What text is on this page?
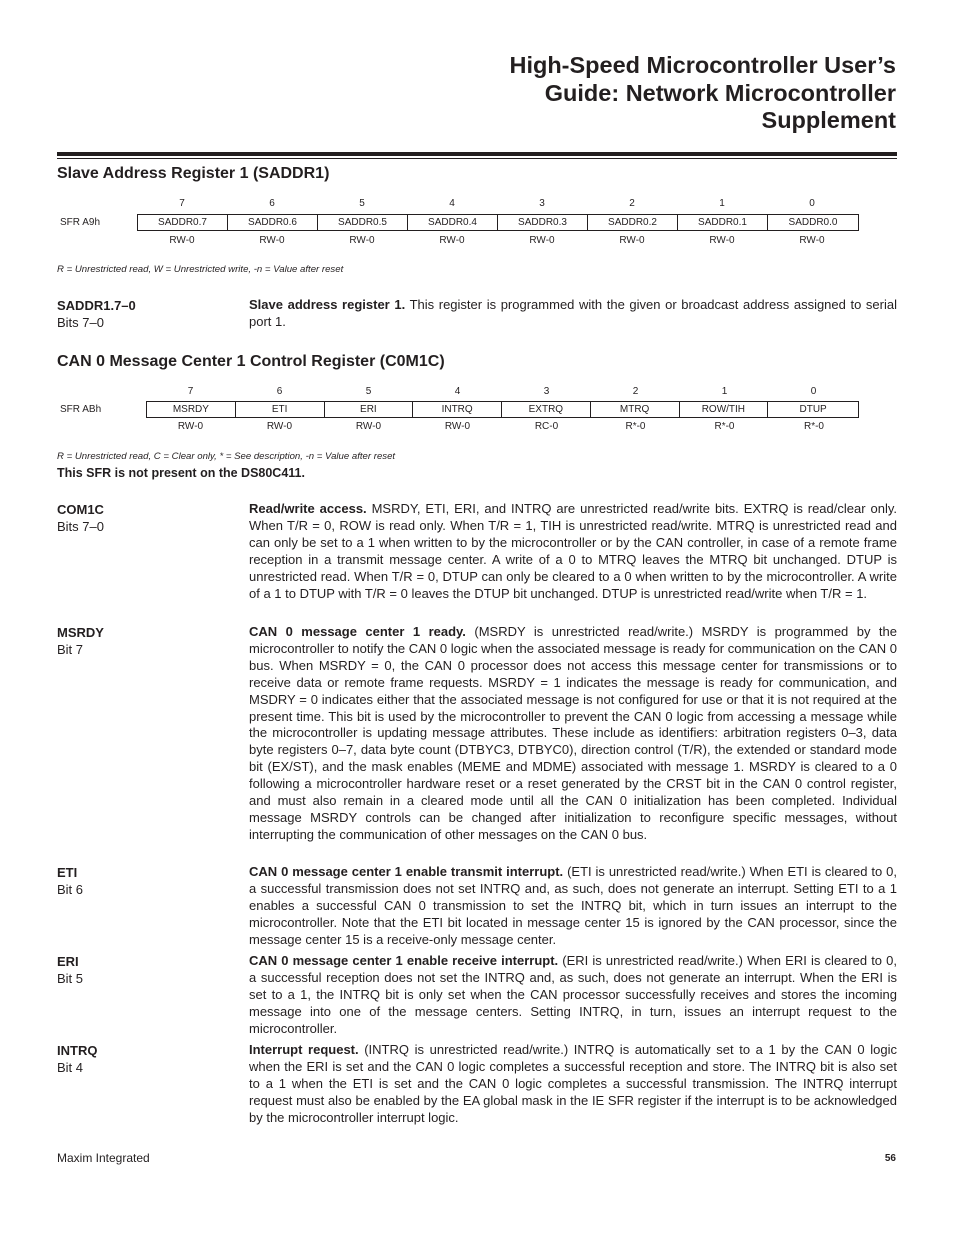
High-Speed Microcontroller User’s
Guide: Network Microcontroller
Supplement
Slave Address Register 1 (SADDR1)
7	6	5	4	3	2	1	0
SFR A9h	SADDR0.7	SADDR0.6	SADDR0.5	SADDR0.4	SADDR0.3	SADDR0.2	SADDR0.1	SADDR0.0
RW-0	RW-0	RW-0	RW-0	RW-0	RW-0	RW-0	RW-0
R = Unrestricted read, W = Unrestricted write, -n = Value after reset
SADDR1.7–0
Bits 7–0
Slave address register 1. This register is programmed with the given or broadcast address assigned to serial port 1.
CAN 0 Message Center 1 Control Register (C0M1C)
7	6	5	4	3	2	1	0
SFR ABh	MSRDY	ETI	ERI	INTRQ	EXTRQ	MTRQ	ROW/TIH	DTUP
RW-0	RW-0	RW-0	RW-0	RC-0	R*-0	R*-0	R*-0
R = Unrestricted read, C = Clear only, * = See description, -n = Value after reset
This SFR is not present on the DS80C411.
COM1C
Bits 7–0
Read/write access. MSRDY, ETI, ERI, and INTRQ are unrestricted read/write bits. EXTRQ is read/clear only. When T/R = 0, ROW is read only. When T/R = 1, TIH is unrestricted read/write. MTRQ is unrestricted read and can only be set to a 1 when written to by the microcontroller or by the CAN controller, in case of a remote frame reception in a transmit message center. A write of a 0 to MTRQ leaves the MTRQ bit unchanged. DTUP is unrestricted read. When T/R = 0, DTUP can only be cleared to a 0 when written to by the microcontroller. A write of a 1 to DTUP with T/R = 0 leaves the DTUP bit unchanged. DTUP is unrestricted read/write when T/R = 1.
MSRDY
Bit 7
CAN 0 message center 1 ready. (MSRDY is unrestricted read/write.) MSRDY is programmed by the microcontroller to notify the CAN 0 logic when the associated message is ready for communication on the CAN 0 bus. When MSRDY = 0, the CAN 0 processor does not access this message center for transmissions or to receive data or remote frame requests. MSRDY = 1 indicates the message is ready for communication, and MSDRY = 0 indicates either that the associated message is not configured for use or that it is not required at the present time. This bit is used by the microcontroller to prevent the CAN 0 logic from accessing a message while the microcontroller is updating message attributes. These include as identifiers: arbitration registers 0–3, data byte registers 0–7, data byte count (DTBYC3, DTBYC0), direction control (T/R), the extended or standard mode bit (EX/ST), and the mask enables (MEME and MDME) associated with message 1. MSRDY is cleared to a 0 following a microcontroller hardware reset or a reset generated by the CRST bit in the CAN 0 control register, and must also remain in a cleared mode until all the CAN 0 initialization has been completed. Individual message MSRDY controls can be changed after initialization to reconfigure specific messages, without interrupting the communication of other messages on the CAN 0 bus.
ETI
Bit 6
CAN 0 message center 1 enable transmit interrupt. (ETI is unrestricted read/write.) When ETI is cleared to 0, a successful transmission does not set INTRQ and, as such, does not generate an interrupt. Setting ETI to a 1 enables a successful CAN 0 transmission to set the INTRQ bit, which in turn issues an interrupt to the microcontroller. Note that the ETI bit located in message center 15 is ignored by the CAN processor, since the message center 15 is a receive-only message center.
ERI
Bit 5
CAN 0 message center 1 enable receive interrupt. (ERI is unrestricted read/write.) When ERI is cleared to 0, a successful reception does not set the INTRQ and, as such, does not generate an interrupt. When the ERI is set to a 1, the INTRQ bit is only set when the CAN processor successfully receives and stores the incoming message into one of the message centers. Setting INTRQ, in turn, issues an interrupt request to the microcontroller.
INTRQ
Bit 4
Interrupt request. (INTRQ is unrestricted read/write.) INTRQ is automatically set to a 1 by the CAN 0 logic when the ERI is set and the CAN 0 logic completes a successful reception and store. The INTRQ bit is also set to a 1 when the ETI is set and the CAN 0 logic completes a successful transmission. The INTRQ interrupt request must also be enabled by the EA global mask in the IE SFR register if the interrupt is to be acknowledged by the microcontroller interrupt logic.
Maxim Integrated	56
